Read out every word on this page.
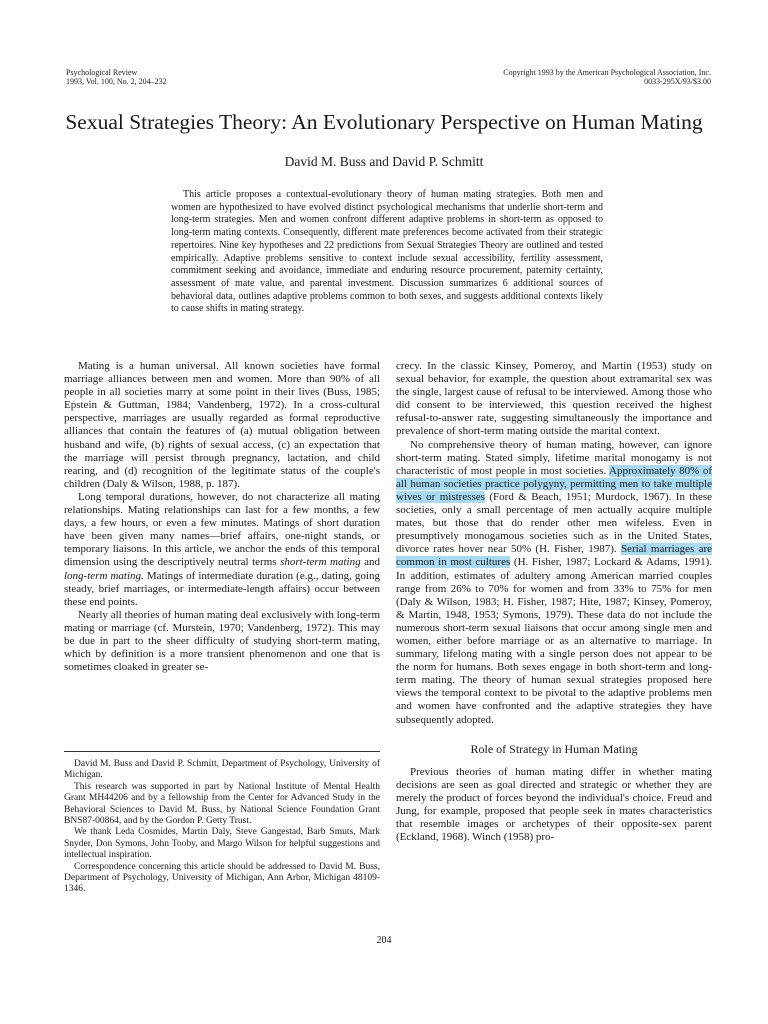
Psychological Review
1993, Vol. 100, No. 2, 204–232
Copyright 1993 by the American Psychological Association, Inc.
0033-295X/93/$3.00
Sexual Strategies Theory: An Evolutionary Perspective on Human Mating
David M. Buss and David P. Schmitt

This article proposes a contextual-evolutionary theory of human mating strategies. Both men and women are hypothesized to have evolved distinct psychological mechanisms that underlie short-term and long-term strategies. Men and women confront different adaptive problems in short-term as opposed to long-term mating contexts. Consequently, different mate preferences become activated from their strategic repertoires. Nine key hypotheses and 22 predictions from Sexual Strategies Theory are outlined and tested empirically. Adaptive problems sensitive to context include sexual accessibility, fertility assessment, commitment seeking and avoidance, immediate and enduring resource procurement, paternity certainty, assessment of mate value, and parental investment. Discussion summarizes 6 additional sources of behavioral data, outlines adaptive problems common to both sexes, and suggests additional contexts likely to cause shifts in mating strategy.

Mating is a human universal. All known societies have formal marriage alliances between men and women. More than 90% of all people in all societies marry at some point in their lives (Buss, 1985; Epstein & Guttman, 1984; Vandenberg, 1972). In a cross-cultural perspective, marriages are usually regarded as formal reproductive alliances that contain the features of (a) mutual obligation between husband and wife, (b) rights of sexual access, (c) an expectation that the marriage will persist through pregnancy, lactation, and child rearing, and (d) recognition of the legitimate status of the couple's children (Daly & Wilson, 1988, p. 187).

Long temporal durations, however, do not characterize all mating relationships. Mating relationships can last for a few months, a few days, a few hours, or even a few minutes. Matings of short duration have been given many names—brief affairs, one-night stands, or temporary liaisons. In this article, we anchor the ends of this temporal dimension using the descriptively neutral terms short-term mating and long-term mating. Matings of intermediate duration (e.g., dating, going steady, brief marriages, or intermediate-length affairs) occur between these end points.

Nearly all theories of human mating deal exclusively with long-term mating or marriage (cf. Murstein, 1970; Vandenberg, 1972). This may be due in part to the sheer difficulty of studying short-term mating, which by definition is a more transient phenomenon and one that is sometimes cloaked in greater se-

David M. Buss and David P. Schmitt, Department of Psychology, University of Michigan.

This research was supported in part by National Institute of Mental Health Grant MH44206 and by a fellowship from the Center for Advanced Study in the Behavioral Sciences to David M. Buss, by National Science Foundation Grant BNS87-00864, and by the Gordon P. Getty Trust.

We thank Leda Cosmides, Martin Daly, Steve Gangestad, Barb Smuts, Mark Snyder, Don Symons, John Tooby, and Margo Wilson for helpful suggestions and intellectual inspiration.

Correspondence concerning this article should be addressed to David M. Buss, Department of Psychology, University of Michigan, Ann Arbor, Michigan 48109-1346.

crecy. In the classic Kinsey, Pomeroy, and Martin (1953) study on sexual behavior, for example, the question about extramarital sex was the single, largest cause of refusal to be interviewed. Among those who did consent to be interviewed, this question received the highest refusal-to-answer rate, suggesting simultaneously the importance and prevalence of short-term mating outside the marital context.

No comprehensive theory of human mating, however, can ignore short-term mating. Stated simply, lifetime marital monogamy is not characteristic of most people in most societies. Approximately 80% of all human societies practice polygyny, permitting men to take multiple wives or mistresses (Ford & Beach, 1951; Murdock, 1967). In these societies, only a small percentage of men actually acquire multiple mates, but those that do render other men wifeless. Even in presumptively monogamous societies such as in the United States, divorce rates hover near 50% (H. Fisher, 1987). Serial marriages are common in most cultures (H. Fisher, 1987; Lockard & Adams, 1991). In addition, estimates of adultery among American married couples range from 26% to 70% for women and from 33% to 75% for men (Daly & Wilson, 1983; H. Fisher, 1987; Hite, 1987; Kinsey, Pomeroy, & Martin, 1948, 1953; Symons, 1979). These data do not include the numerous short-term sexual liaisons that occur among single men and women, either before marriage or as an alternative to marriage. In summary, lifelong mating with a single person does not appear to be the norm for humans. Both sexes engage in both short-term and long-term mating. The theory of human sexual strategies proposed here views the temporal context to be pivotal to the adaptive problems men and women have confronted and the adaptive strategies they have subsequently adopted.

Role of Strategy in Human Mating

Previous theories of human mating differ in whether mating decisions are seen as goal directed and strategic or whether they are merely the product of forces beyond the individual's choice. Freud and Jung, for example, proposed that people seek in mates characteristics that resemble images or archetypes of their opposite-sex parent (Eckland, 1968). Winch (1958) pro-

204
